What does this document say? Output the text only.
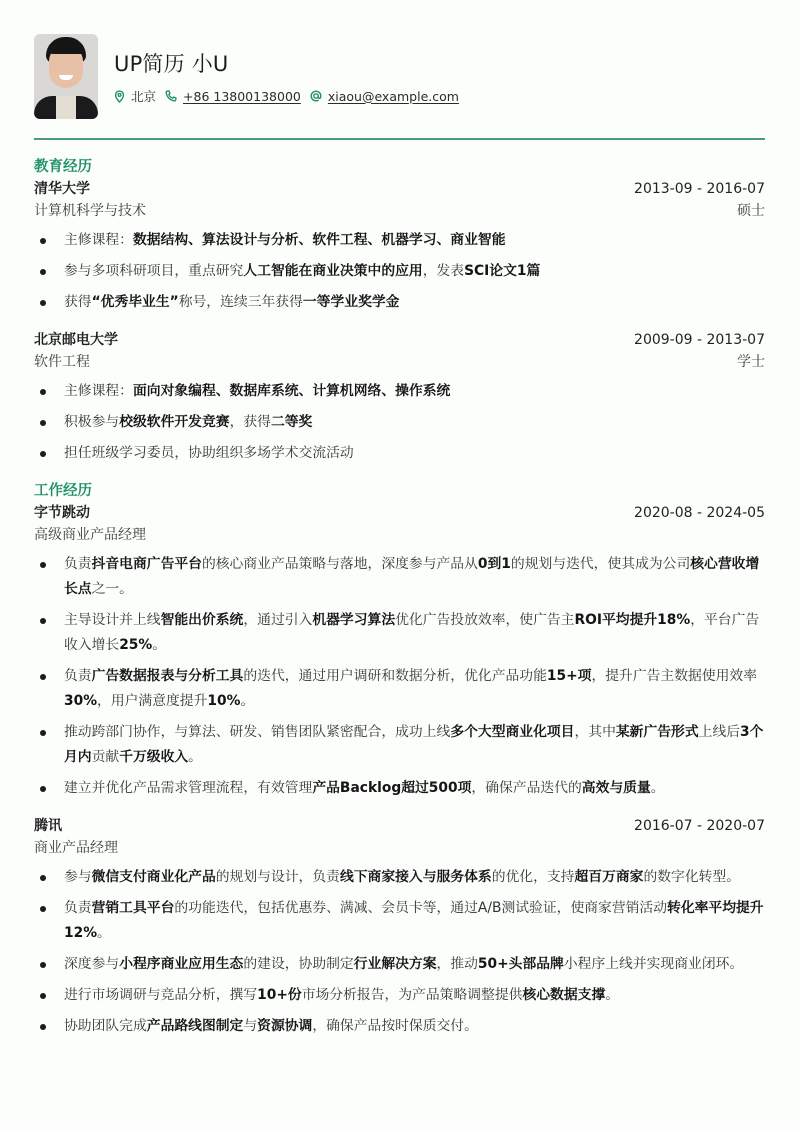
UP简历 小U
北京 +86 13800138000 xiaou@example.com
教育经历
清华大学	2013-09 - 2016-07
计算机科学与技术	硕士
主修课程：数据结构、算法设计与分析、软件工程、机器学习、商业智能
参与多项科研项目，重点研究人工智能在商业决策中的应用，发表SCI论文1篇
获得“优秀毕业生”称号，连续三年获得一等学业奖学金
北京邮电大学	2009-09 - 2013-07
软件工程	学士
主修课程：面向对象编程、数据库系统、计算机网络、操作系统
积极参与校级软件开发竞赛，获得二等奖
担任班级学习委员，协助组织多场学术交流活动
工作经历
字节跳动	2020-08 - 2024-05
高级商业产品经理
负责抖音电商广告平台的核心商业产品策略与落地，深度参与产品从0到1的规划与迭代，使其成为公司核心营收增长点之一。
主导设计并上线智能出价系统，通过引入机器学习算法优化广告投放效率，使广告主ROI平均提升18%，平台广告收入增长25%。
负责广告数据报表与分析工具的迭代，通过用户调研和数据分析，优化产品功能15+项，提升广告主数据使用效率30%，用户满意度提升10%。
推动跨部门协作，与算法、研发、销售团队紧密配合，成功上线多个大型商业化项目，其中某新广告形式上线后3个月内贡献千万级收入。
建立并优化产品需求管理流程，有效管理产品Backlog超过500项，确保产品迭代的高效与质量。
腾讯	2016-07 - 2020-07
商业产品经理
参与微信支付商业化产品的规划与设计，负责线下商家接入与服务体系的优化，支持超百万商家的数字化转型。
负责营销工具平台的功能迭代，包括优惠券、满减、会员卡等，通过A/B测试验证，使商家营销活动转化率平均提升12%。
深度参与小程序商业应用生态的建设，协助制定行业解决方案，推动50+头部品牌小程序上线并实现商业闭环。
进行市场调研与竞品分析，撰写10+份市场分析报告，为产品策略调整提供核心数据支撑。
协助团队完成产品路线图制定与资源协调，确保产品按时保质交付。
